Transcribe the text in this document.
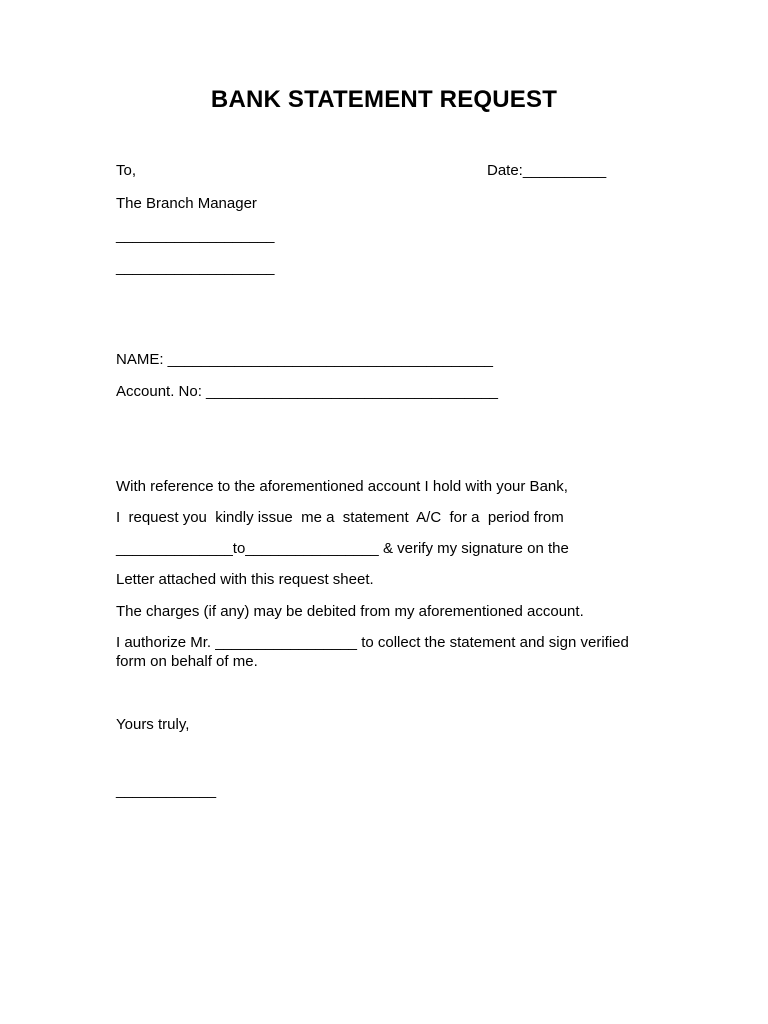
BANK STATEMENT REQUEST
To,	Date:__________
The Branch Manager
___________________
___________________
NAME: _______________________________________
Account. No: ___________________________________
With reference to the aforementioned account I hold with your Bank,
I  request you  kindly issue  me a  statement  A/C  for a  period from
______________to________________ & verify my signature on the
Letter attached with this request sheet.
The charges (if any) may be debited from my aforementioned account.
I authorize Mr. _________________ to collect the statement and sign verified form on behalf of me.
Yours truly,
____________
